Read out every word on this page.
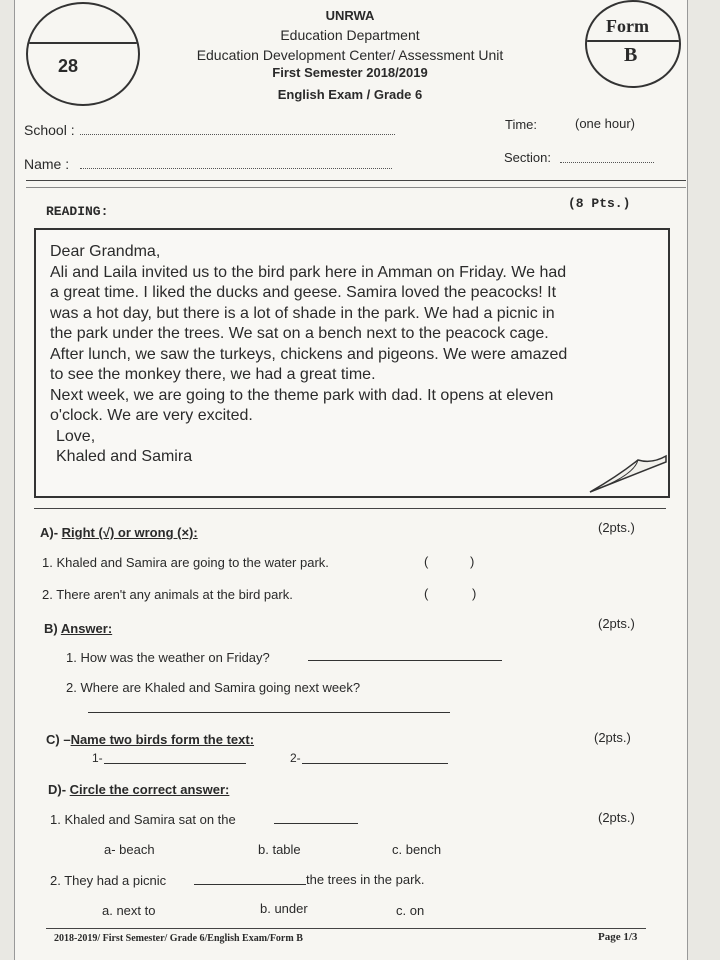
28
Form
B
UNRWA
Education Department
Education Development Center/ Assessment Unit
First Semester 2018/2019
English Exam / Grade 6
School :
Name :
Time:	(one hour)
Section:
READING:
(8 Pts.)
Dear Grandma,
Ali and Laila invited us to the bird park here in Amman on Friday. We had
a great time. I liked the ducks and geese. Samira loved the peacocks! It
was a hot day, but there is a lot of shade in the park. We had a picnic in
the park under the trees. We sat on a bench next to the peacock cage.
After lunch, we saw the turkeys, chickens and pigeons. We were amazed
to see the monkey there, we had a great time.
Next week, we are going to the theme park with dad. It opens at eleven
o'clock. We are very excited.
Love,
Khaled and Samira
A)- Right (√) or wrong (×):	(2pts.)
1. Khaled and Samira are going to the water park.	(	)
2. There aren't any animals at the bird park.	(	)
B) Answer:	(2pts.)
1. How was the weather on Friday?
2. Where are Khaled and Samira going next week?
C) –Name two birds form the text:	(2pts.)
1-	2-
D)- Circle the correct answer:
(2pts.)
1. Khaled and Samira sat on the
a- beach	b. table	c. bench
2. They had a picnic	the trees in the park.
a. next to	b. under	c. on
2018-2019/ First Semester/ Grade 6/English Exam/Form B	Page 1/3
